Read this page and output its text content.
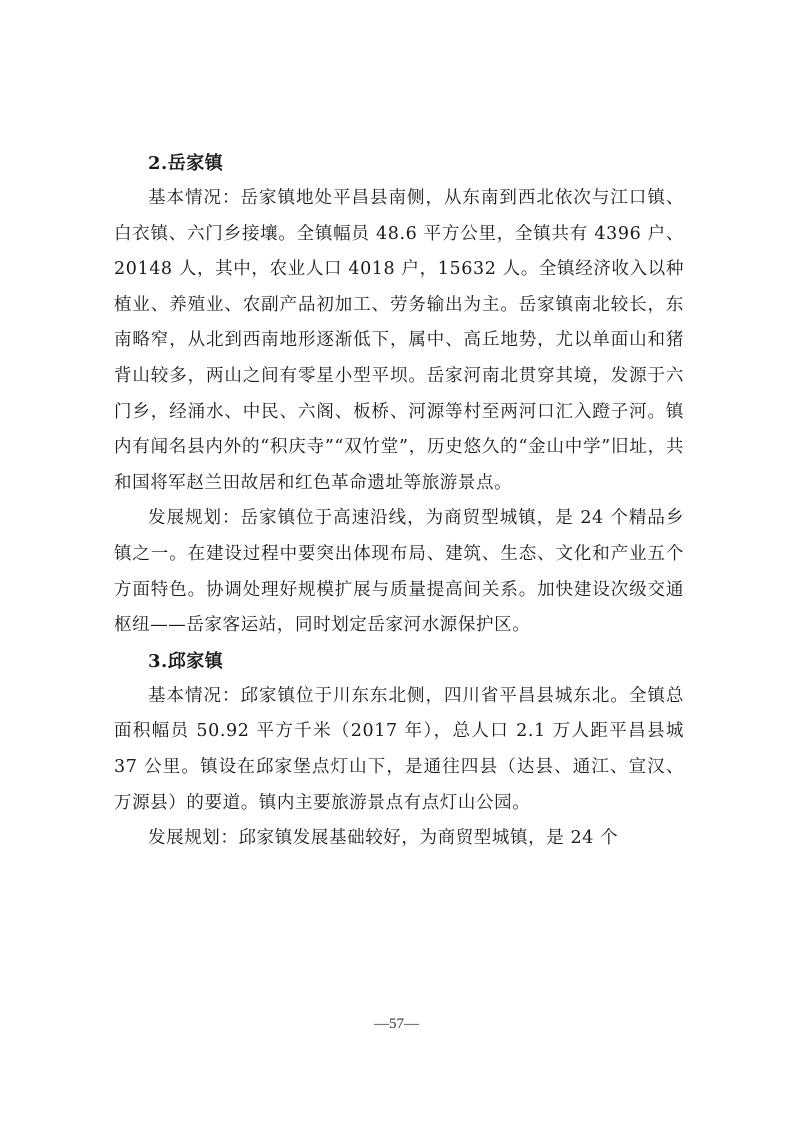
2.岳家镇

基本情况：岳家镇地处平昌县南侧，从东南到西北依次与江口镇、白衣镇、六门乡接壤。全镇幅员 48.6 平方公里，全镇共有 4396 户、20148 人，其中，农业人口 4018 户，15632 人。全镇经济收入以种植业、养殖业、农副产品初加工、劳务输出为主。岳家镇南北较长，东南略窄，从北到西南地形逐渐低下，属中、高丘地势，尤以单面山和猪背山较多，两山之间有零星小型平坝。岳家河南北贯穿其境，发源于六门乡，经涌水、中民、六阁、板桥、河源等村至两河口汇入蹬子河。镇内有闻名县内外的“积庆寺”“双竹堂”，历史悠久的“金山中学”旧址，共和国将军赵兰田故居和红色革命遗址等旅游景点。

发展规划：岳家镇位于高速沿线，为商贸型城镇，是 24 个精品乡镇之一。在建设过程中要突出体现布局、建筑、生态、文化和产业五个方面特色。协调处理好规模扩展与质量提高间关系。加快建设次级交通枢纽——岳家客运站，同时划定岳家河水源保护区。

3.邱家镇

基本情况：邱家镇位于川东东北侧，四川省平昌县城东北。全镇总面积幅员 50.92 平方千米（2017 年），总人口 2.1 万人距平昌县城 37 公里。镇设在邱家堡点灯山下，是通往四县（达县、通江、宣汉、万源县）的要道。镇内主要旅游景点有点灯山公园。

发展规划：邱家镇发展基础较好，为商贸型城镇，是 24 个

—57—
